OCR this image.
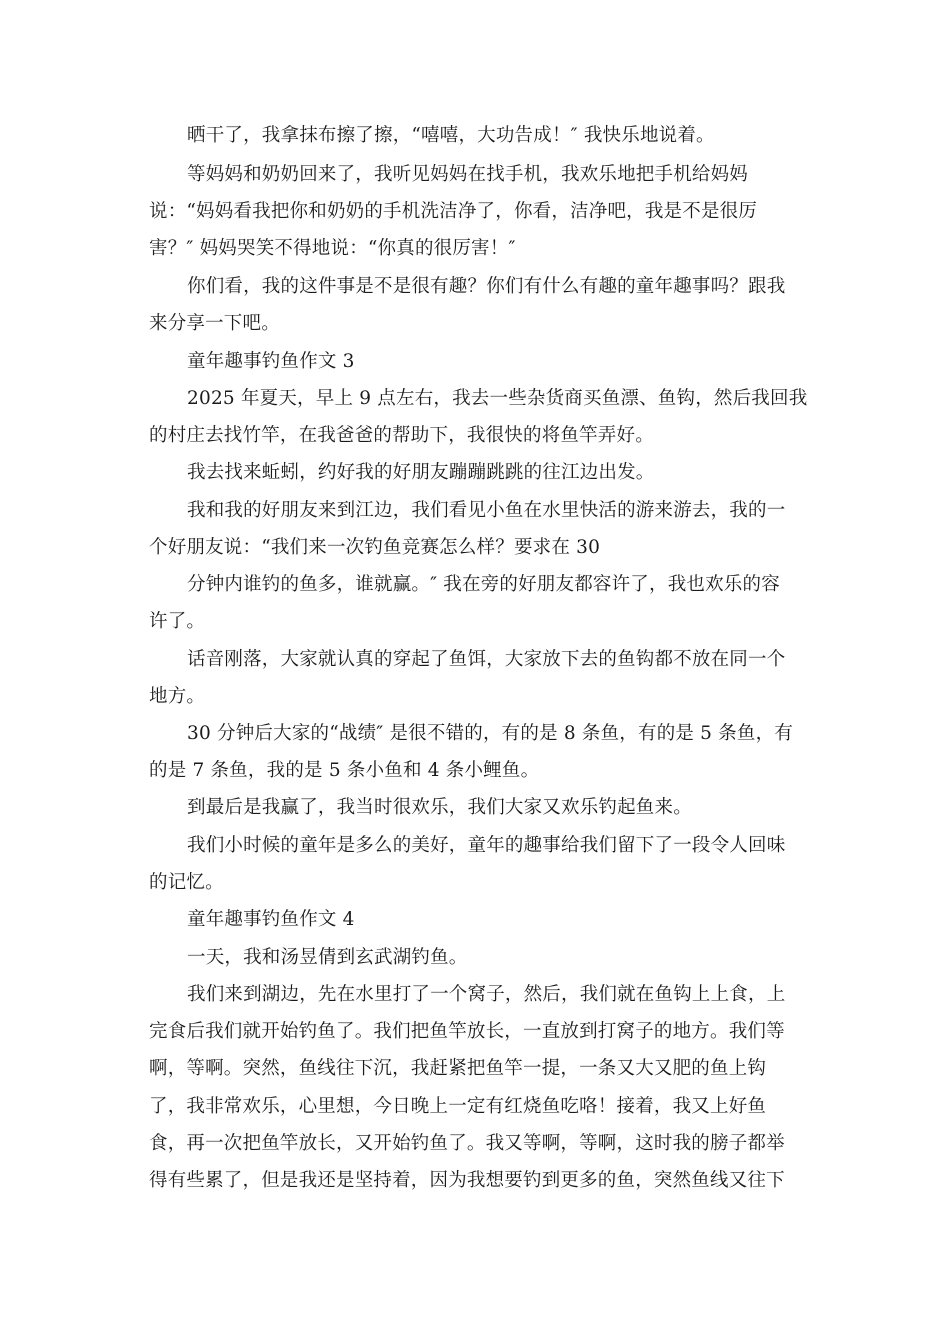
晒干了，我拿抹布擦了擦，“嘻嘻，大功告成！″ 我快乐地说着。
等妈妈和奶奶回来了，我听见妈妈在找手机，我欢乐地把手机给妈妈
说：“妈妈看我把你和奶奶的手机洗洁净了，你看，洁净吧，我是不是很厉
害？″ 妈妈哭笑不得地说：“你真的很厉害！″
你们看，我的这件事是不是很有趣？你们有什么有趣的童年趣事吗？跟我
来分享一下吧。
童年趣事钓鱼作文 3
2025 年夏天，早上 9 点左右，我去一些杂货商买鱼漂、鱼钩，然后我回我
的村庄去找竹竿，在我爸爸的帮助下，我很快的将鱼竿弄好。
我去找来蚯蚓，约好我的好朋友蹦蹦跳跳的往江边出发。
我和我的好朋友来到江边，我们看见小鱼在水里快活的游来游去，我的一
个好朋友说：“我们来一次钓鱼竞赛怎么样？要求在 30
分钟内谁钓的鱼多，谁就赢。″ 我在旁的好朋友都容许了，我也欢乐的容
许了。
话音刚落，大家就认真的穿起了鱼饵，大家放下去的鱼钩都不放在同一个
地方。
30 分钟后大家的“战绩″ 是很不错的，有的是 8 条鱼，有的是 5 条鱼，有
的是 7 条鱼，我的是 5 条小鱼和 4 条小鲤鱼。
到最后是我赢了，我当时很欢乐，我们大家又欢乐钓起鱼来。
我们小时候的童年是多么的美好，童年的趣事给我们留下了一段令人回味
的记忆。
童年趣事钓鱼作文 4
一天，我和汤昱倩到玄武湖钓鱼。
我们来到湖边，先在水里打了一个窝子，然后，我们就在鱼钩上上食，上
完食后我们就开始钓鱼了。我们把鱼竿放长，一直放到打窝子的地方。我们等
啊，等啊。突然，鱼线往下沉，我赶紧把鱼竿一提，一条又大又肥的鱼上钩
了，我非常欢乐，心里想，今日晚上一定有红烧鱼吃咯！接着，我又上好鱼
食，再一次把鱼竿放长，又开始钓鱼了。我又等啊，等啊，这时我的膀子都举
得有些累了，但是我还是坚持着，因为我想要钓到更多的鱼，突然鱼线又往下
